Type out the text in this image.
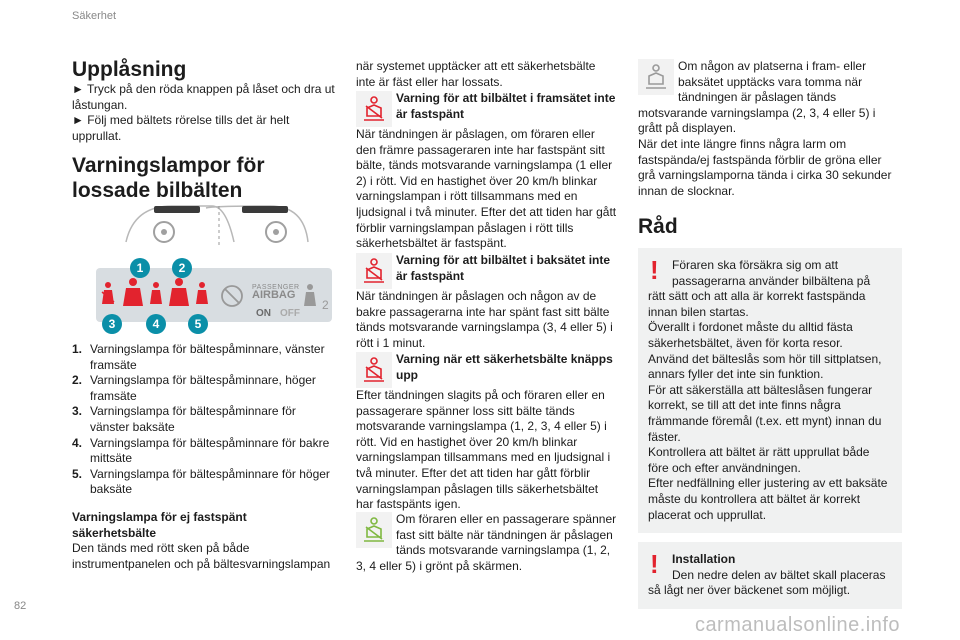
Säkerhet
Upplåsning

► Tryck på den röda knappen på låset och dra ut låstungan.

► Följ med bältets rörelse tills det är helt upprullat.

Varningslampor för lossade bilbälten
PASSENGER
AIRBAG
ON OFF
2
1	2
3	4	5
1. Varningslampa för bältespåminnare, vänster framsäte
2. Varningslampa för bältespåminnare, höger framsäte
3. Varningslampa för bältespåminnare för vänster baksäte
4. Varningslampa för bältespåminnare för bakre mittsäte
5. Varningslampa för bältespåminnare för höger baksäte

Varningslampa för ej fastspänt säkerhetsbälte

Den tänds med rött sken på både instrumentpanelen och på bältesvarningslampan

när systemet upptäcker att ett säkerhetsbälte inte är fäst eller har lossats.

Varning för att bilbältet i framsätet inte är fastspänt

När tändningen är påslagen, om föraren eller den främre passageraren inte har fastspänt sitt bälte, tänds motsvarande varningslampa (1 eller 2) i rött. Vid en hastighet över 20 km/h blinkar varningslampan i rött tillsammans med en ljudsignal i två minuter. Efter det att tiden har gått förblir varningslampan påslagen i rött tills säkerhetsbältet är fastspänt.

Varning för att bilbältet i baksätet inte är fastspänt

När tändningen är påslagen och någon av de bakre passagerarna inte har spänt fast sitt bälte tänds motsvarande varningslampa (3, 4 eller 5) i rött i 1 minut.

Varning när ett säkerhetsbälte knäpps upp

Efter tändningen slagits på och föraren eller en passagerare spänner loss sitt bälte tänds motsvarande varningslampa (1, 2, 3, 4 eller 5) i rött. Vid en hastighet över 20 km/h blinkar varningslampan tillsammans med en ljudsignal i två minuter. Efter det att tiden har gått förblir varningslampan påslagen tills säkerhetsbältet har fastspänts igen.

Om föraren eller en passagerare spänner fast sitt bälte när tändningen är påslagen tänds motsvarande varningslampa (1, 2, 3, 4 eller 5) i grönt på skärmen.

Om någon av platserna i fram- eller baksätet upptäcks vara tomma när tändningen är påslagen tänds motsvarande varningslampa (2, 3, 4 eller 5) i grått på displayen.

När det inte längre finns några larm om fastspända/ej fastspända förblir de gröna eller grå varningslamporna tända i cirka 30 sekunder innan de slocknar.

Råd
!	Föraren ska försäkra sig om att passagerarna använder bilbältena på rätt sätt och att alla är korrekt fastspända innan bilen startas.

Överallt i fordonet måste du alltid fästa säkerhetsbältet, även för korta resor.

Använd det bälteslås som hör till sittplatsen, annars fyller det inte sin funktion.

För att säkerställa att bälteslåsen fungerar korrekt, se till att det inte finns några främmande föremål (t.ex. ett mynt) innan du fäster.

Kontrollera att bältet är rätt upprullat både före och efter användningen.

Efter nedfällning eller justering av ett baksäte måste du kontrollera att bältet är korrekt placerat och upprullat.

!	Installation

Den nedre delen av bältet skall placeras så lågt ner över bäckenet som möjligt.

82
carmanualsonline.info
